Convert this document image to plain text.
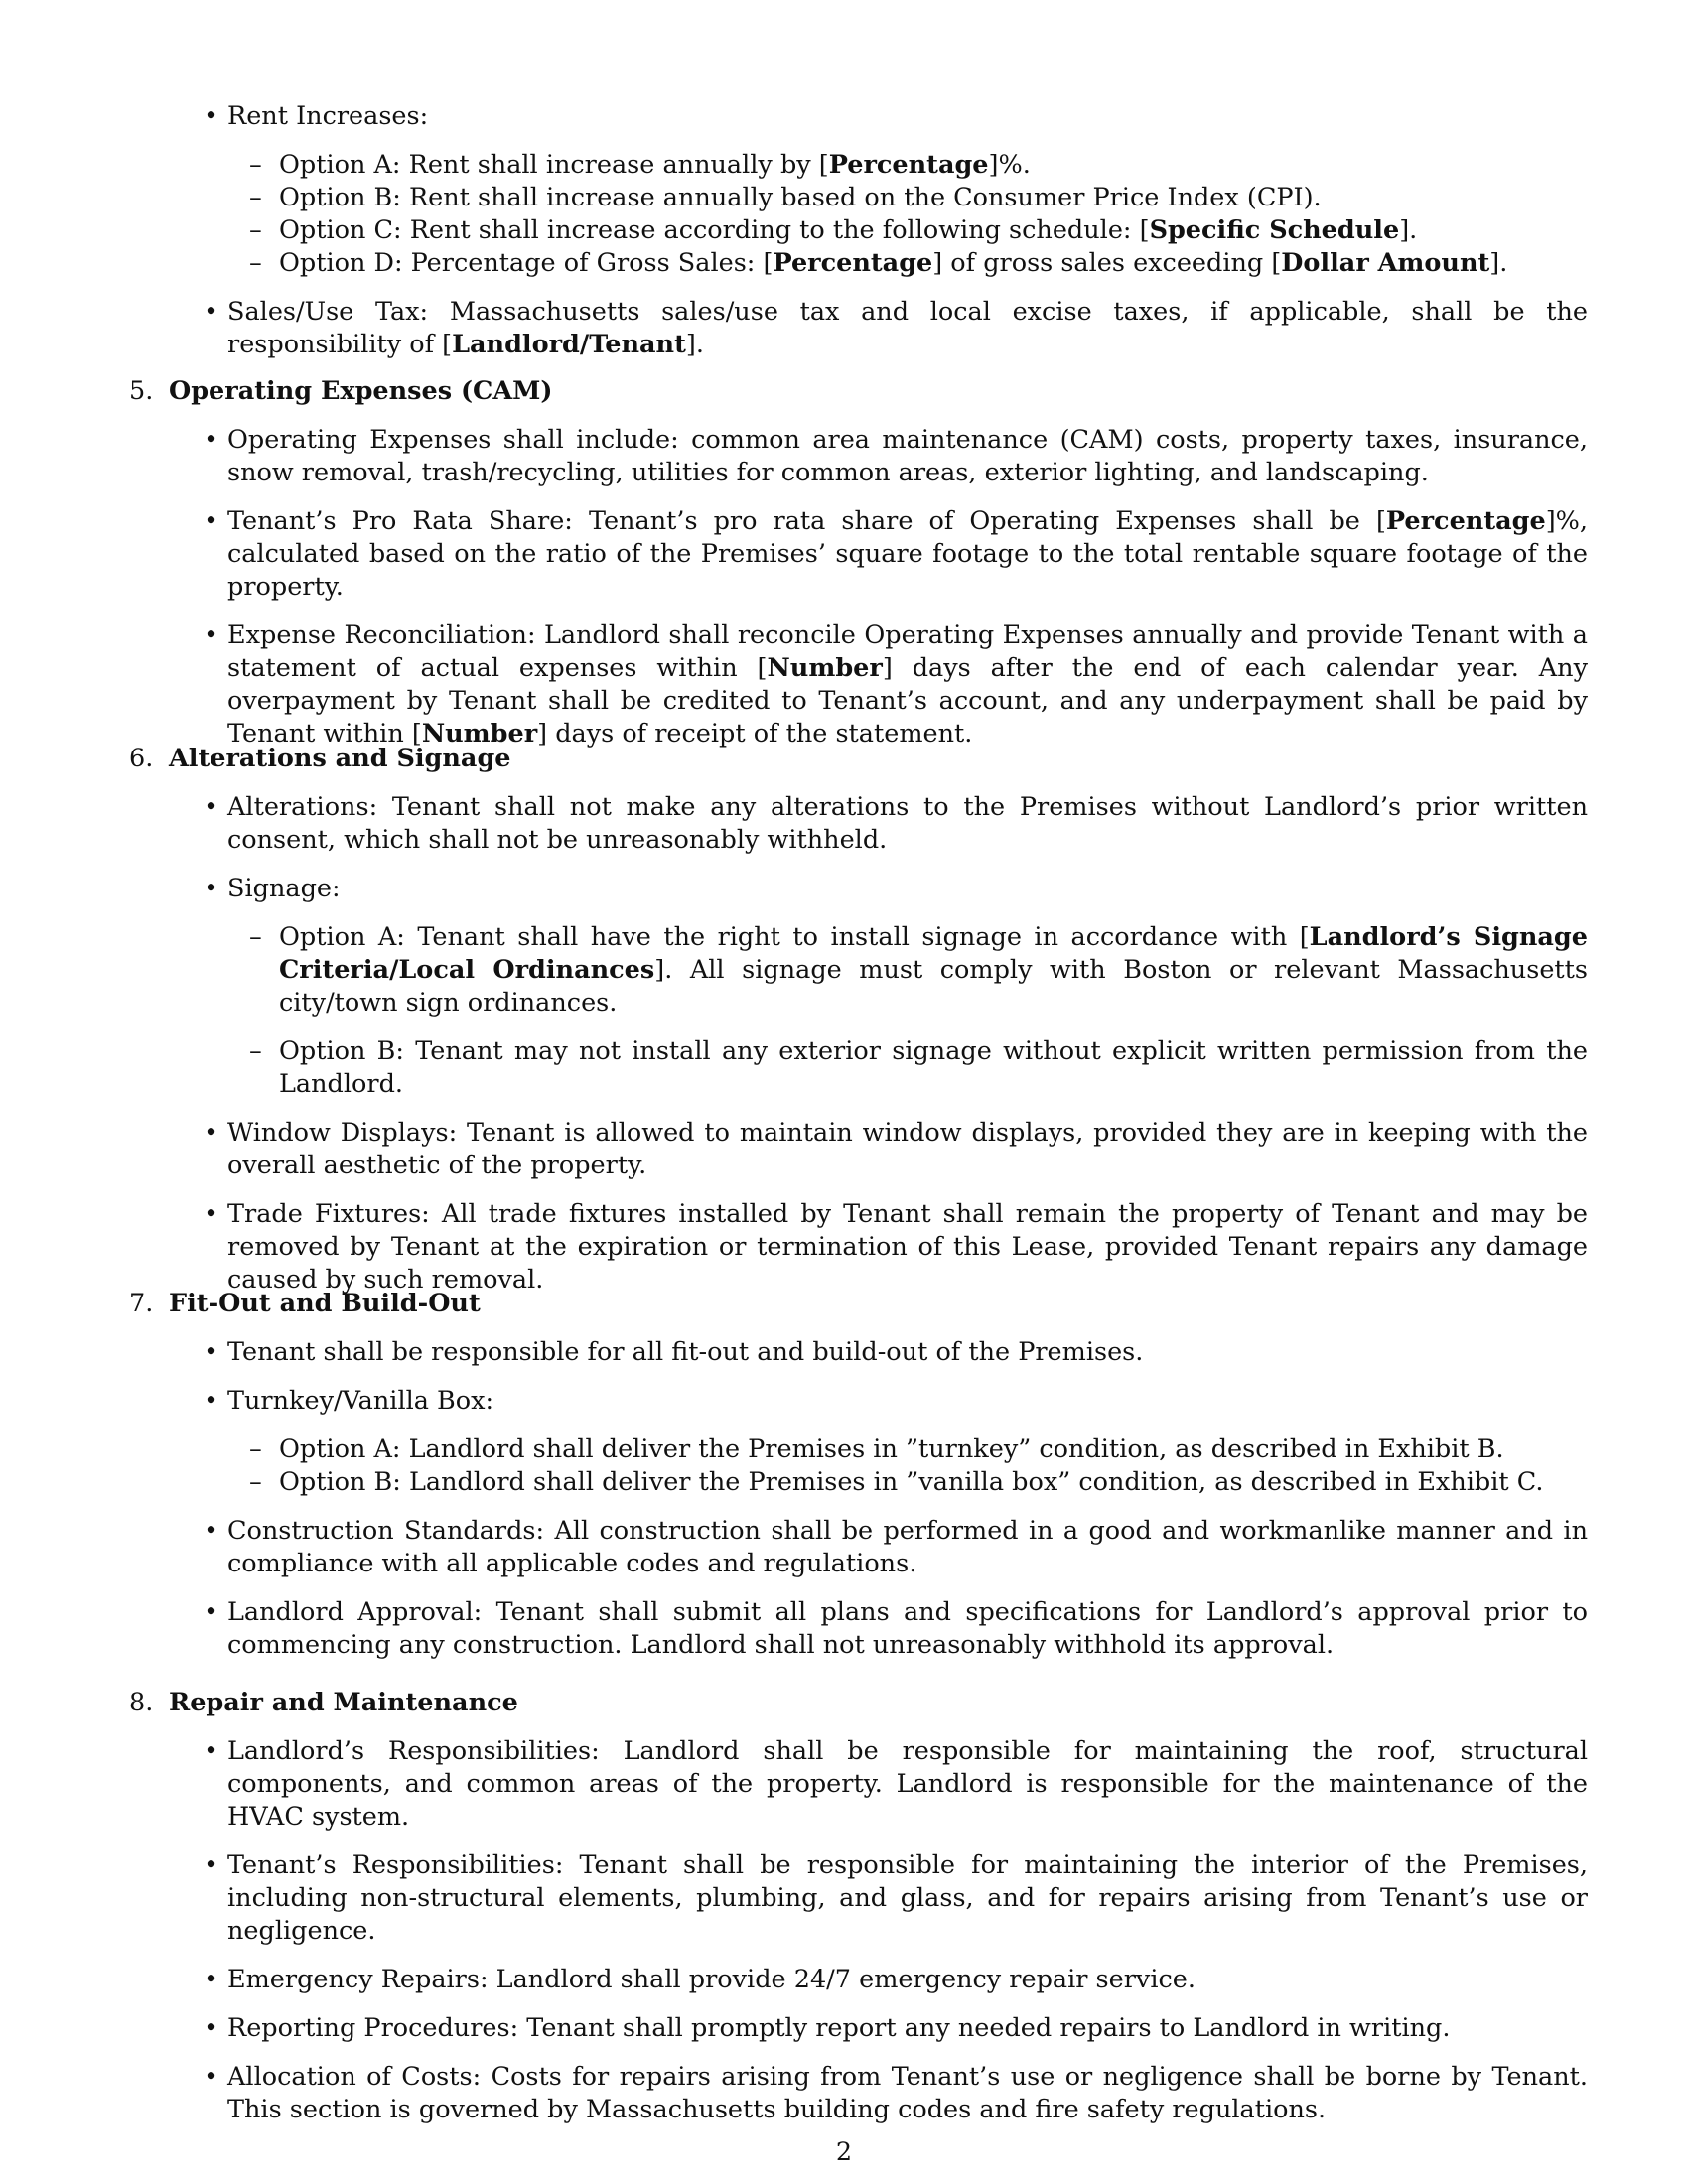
• Rent Increases:
– Option A: Rent shall increase annually by [Percentage]%.
– Option B: Rent shall increase annually based on the Consumer Price Index (CPI).
– Option C: Rent shall increase according to the following schedule: [Specific Schedule].
– Option D: Percentage of Gross Sales: [Percentage] of gross sales exceeding [Dollar Amount].
• Sales/Use Tax: Massachusetts sales/use tax and local excise taxes, if applicable, shall be the responsibility of [Landlord/Tenant].

5. Operating Expenses (CAM)

• Operating Expenses shall include: common area maintenance (CAM) costs, property taxes, insurance, snow removal, trash/recycling, utilities for common areas, exterior lighting, and landscaping.
• Tenant’s Pro Rata Share: Tenant’s pro rata share of Operating Expenses shall be [Percentage]%, calculated based on the ratio of the Premises’ square footage to the total rentable square footage of the property.
• Expense Reconciliation: Landlord shall reconcile Operating Expenses annually and provide Tenant with a statement of actual expenses within [Number] days after the end of each calendar year. Any overpayment by Tenant shall be credited to Tenant’s account, and any underpayment shall be paid by Tenant within [Number] days of receipt of the statement.

6. Alterations and Signage

• Alterations: Tenant shall not make any alterations to the Premises without Landlord’s prior written consent, which shall not be unreasonably withheld.
• Signage:
– Option A: Tenant shall have the right to install signage in accordance with [Landlord’s Signage Criteria/Local Ordinances]. All signage must comply with Boston or relevant Massachusetts city/town sign ordinances.
– Option B: Tenant may not install any exterior signage without explicit written permission from the Landlord.
• Window Displays: Tenant is allowed to maintain window displays, provided they are in keeping with the overall aesthetic of the property.
• Trade Fixtures: All trade fixtures installed by Tenant shall remain the property of Tenant and may be removed by Tenant at the expiration or termination of this Lease, provided Tenant repairs any damage caused by such removal.

7. Fit-Out and Build-Out

• Tenant shall be responsible for all fit-out and build-out of the Premises.
• Turnkey/Vanilla Box:
– Option A: Landlord shall deliver the Premises in ”turnkey” condition, as described in Exhibit B.
– Option B: Landlord shall deliver the Premises in ”vanilla box” condition, as described in Exhibit C.
• Construction Standards: All construction shall be performed in a good and workmanlike manner and in compliance with all applicable codes and regulations.
• Landlord Approval: Tenant shall submit all plans and specifications for Landlord’s approval prior to commencing any construction. Landlord shall not unreasonably withhold its approval.

8. Repair and Maintenance

• Landlord’s Responsibilities: Landlord shall be responsible for maintaining the roof, structural components, and common areas of the property. Landlord is responsible for the maintenance of the HVAC system.
• Tenant’s Responsibilities: Tenant shall be responsible for maintaining the interior of the Premises, including non-structural elements, plumbing, and glass, and for repairs arising from Tenant’s use or negligence.
• Emergency Repairs: Landlord shall provide 24/7 emergency repair service.
• Reporting Procedures: Tenant shall promptly report any needed repairs to Landlord in writing.
• Allocation of Costs: Costs for repairs arising from Tenant’s use or negligence shall be borne by Tenant. This section is governed by Massachusetts building codes and fire safety regulations.
2
